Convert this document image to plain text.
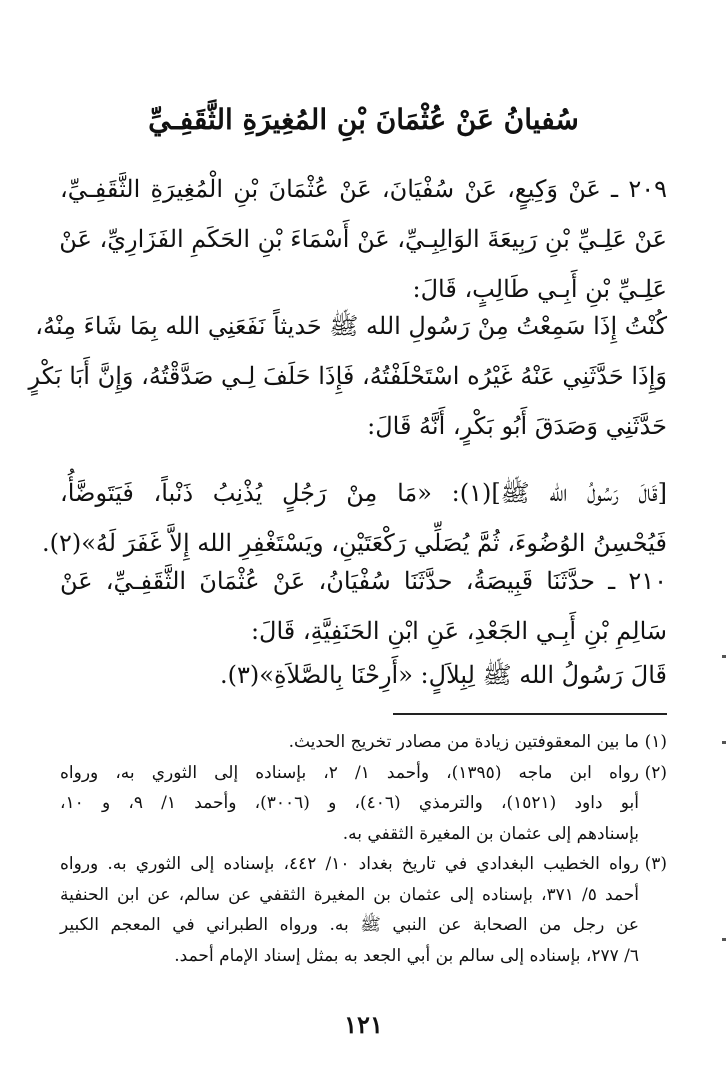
سُفيانُ عَنْ عُثْمَانَ بْنِ المُغِيرَةِ الثَّقَفِـيِّ
٢٠٩ ـ عَنْ وَكِيعٍ، عَنْ سُفْيَانَ، عَنْ عُثْمَانَ بْنِ الْمُغِيرَةِ الثَّقَفِـيِّ،
عَنْ عَلِـيِّ بْنِ رَبِيعَةَ الوَالِبِـيِّ، عَنْ أَسْمَاءَ بْنِ الحَكَمِ الفَزَارِيِّ، عَنْ
عَلِـيِّ بْنِ أَبِـي طَالِبٍ، قَالَ:
كُنْتُ إِذَا سَمِعْتُ مِنْ رَسُولِ الله ﷺ حَديثاً نَفَعَنِي الله بِمَا شَاءَ مِنْهُ،
وَإِذَا حَدَّثَنِي عَنْهُ غَيْرُه اسْتَحْلَفْتُهُ، فَإِذَا حَلَفَ لِـي صَدَّقْتُهُ، وَإِنَّ أَبَا بَكْرٍ
حَدَّثَنِي وَصَدَقَ أَبُو بَكْرٍ، أَنَّهُ قَالَ:
[قَالَ رَسُولُ الله ﷺ](١): «مَا مِنْ رَجُلٍ يُذْنِبُ ذَنْباً، فَيَتَوضَّأُ،
فَيُحْسِنُ الوُضُوءَ، ثُمَّ يُصَلِّي رَكْعَتَيْنِ، ويَسْتَغْفِرِ الله إِلاَّ غَفَرَ لَهُ»(٢).
٢١٠ ـ حدَّثَنَا قَبِيصَةُ، حدَّثَنَا سُفْيَانُ، عَنْ عُثْمَانَ الثَّقَفِـيِّ، عَنْ
سَالِمِ بْنِ أَبِـي الجَعْدِ، عَنِ ابْنِ الحَنَفِيَّةِ، قَالَ:
قَالَ رَسُولُ الله ﷺ لِبِلاَلٍ: «أَرِحْنَا بِالصَّلاَةِ»(٣).
(١)ما بين المعقوفتين زيادة من مصادر تخريج الحديث.
(٢)رواه ابن ماجه (١٣٩٥)، وأحمد ١/ ٢، بإسناده إلى الثوري به، ورواه
أبو داود (١٥٢١)، والترمذي (٤٠٦)، و (٣٠٠٦)، وأحمد ١/ ٩، و ١٠،
بإسنادهم إلى عثمان بن المغيرة الثقفي به.
(٣)رواه الخطيب البغدادي في تاريخ بغداد ١٠/ ٤٤٢، بإسناده إلى الثوري به. ورواه
أحمد ٥/ ٣٧١، بإسناده إلى عثمان بن المغيرة الثقفي عن سالم، عن ابن الحنفية
عن رجل من الصحابة عن النبي ﷺ به. ورواه الطبراني في المعجم الكبير
٦/ ٢٧٧، بإسناده إلى سالم بن أبي الجعد به بمثل إسناد الإمام أحمد.
١٢١
